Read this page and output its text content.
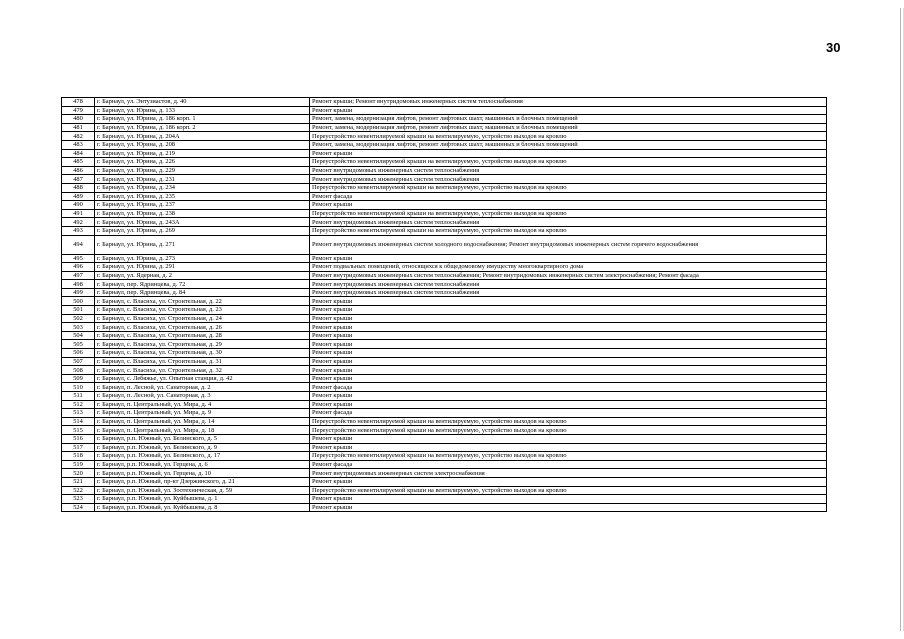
30
478	г. Барнаул, ул. Энтузиастов, д. 40	Ремонт крыши; Ремонт внутридомовых инженерных систем теплоснабжения
479	г. Барнаул, ул. Юрина, д. 133	Ремонт крыши
480	г. Барнаул, ул. Юрина, д. 186 корп. 1	Ремонт, замена, модернизация лифтов, ремонт лифтовых шахт, машинных и блочных помещений
481	г. Барнаул, ул. Юрина, д. 186 корп. 2	Ремонт, замена, модернизация лифтов, ремонт лифтовых шахт, машинных и блочных помещений
482	г. Барнаул, ул. Юрина, д. 204А	Переустройство невентилируемой крыши на вентилируемую, устройство выходов на кровлю
483	г. Барнаул, ул. Юрина, д. 208	Ремонт, замена, модернизация лифтов, ремонт лифтовых шахт, машинных и блочных помещений
484	г. Барнаул, ул. Юрина, д. 219	Ремонт крыши
485	г. Барнаул, ул. Юрина, д. 226	Переустройство невентилируемой крыши на вентилируемую, устройство выходов на кровлю
486	г. Барнаул, ул. Юрина, д. 229	Ремонт внутридомовых инженерных систем теплоснабжения
487	г. Барнаул, ул. Юрина, д. 231	Ремонт внутридомовых инженерных систем теплоснабжения
488	г. Барнаул, ул. Юрина, д. 234	Переустройство невентилируемой крыши на вентилируемую, устройство выходов на кровлю
489	г. Барнаул, ул. Юрина, д. 235	Ремонт фасада
490	г. Барнаул, ул. Юрина, д. 237	Ремонт крыши
491	г. Барнаул, ул. Юрина, д. 238	Переустройство невентилируемой крыши на вентилируемую, устройство выходов на кровлю
492	г. Барнаул, ул. Юрина, д. 243А	Ремонт внутридомовых инженерных систем теплоснабжения
493	г. Барнаул, ул. Юрина, д. 269	Переустройство невентилируемой крыши на вентилируемую, устройство выходов на кровлю
494	г. Барнаул, ул. Юрина, д. 271	Ремонт внутридомовых инженерных систем холодного водоснабжения; Ремонт внутридомовых инженерных систем горячего водоснабжения
495	г. Барнаул, ул. Юрина, д. 273	Ремонт крыши
496	г. Барнаул, ул. Юрина, д. 291	Ремонт подвальных помещений, относящихся к общедомовому имуществу многоквартирного дома
497	г. Барнаул, ул. Ядерная, д. 2	Ремонт внутридомовых инженерных систем теплоснабжения; Ремонт внутридомовых инженерных систем электроснабжения; Ремонт фасада
498	г. Барнаул, пер. Ядринцева, д. 72	Ремонт внутридомовых инженерных систем теплоснабжения
499	г. Барнаул, пер. Ядринцева, д. 84	Ремонт внутридомовых инженерных систем теплоснабжения
500	г. Барнаул, с. Власиха, ул. Строительная, д. 22	Ремонт крыши
501	г. Барнаул, с. Власиха, ул. Строительная, д. 23	Ремонт крыши
502	г. Барнаул, с. Власиха, ул. Строительная, д. 24	Ремонт крыши
503	г. Барнаул, с. Власиха, ул. Строительная, д. 26	Ремонт крыши
504	г. Барнаул, с. Власиха, ул. Строительная, д. 28	Ремонт крыши
505	г. Барнаул, с. Власиха, ул. Строительная, д. 29	Ремонт крыши
506	г. Барнаул, с. Власиха, ул. Строительная, д. 30	Ремонт крыши
507	г. Барнаул, с. Власиха, ул. Строительная, д. 31	Ремонт крыши
508	г. Барнаул, с. Власиха, ул. Строительная, д. 32	Ремонт крыши
509	г. Барнаул, с. Лебяжье, ул. Опытная станция, д. 42	Ремонт крыши
510	г. Барнаул, п. Лесной, ул. Санаторная, д. 2	Ремонт фасада
511	г. Барнаул, п. Лесной, ул. Санаторная, д. 3	Ремонт крыши
512	г. Барнаул, п. Центральный, ул. Мира, д. 4	Ремонт крыши
513	г. Барнаул, п. Центральный, ул. Мира, д. 9	Ремонт фасада
514	г. Барнаул, п. Центральный, ул. Мира, д. 14	Переустройство невентилируемой крыши на вентилируемую, устройство выходов на кровлю
515	г. Барнаул, п. Центральный, ул. Мира, д. 18	Переустройство невентилируемой крыши на вентилируемую, устройство выходов на кровлю
516	г. Барнаул, р.п. Южный, ул. Белинского, д. 5	Ремонт крыши
517	г. Барнаул, р.п. Южный, ул. Белинского, д. 9	Ремонт крыши
518	г. Барнаул, р.п. Южный, ул. Белинского, д. 17	Переустройство невентилируемой крыши на вентилируемую, устройство выходов на кровлю
519	г. Барнаул, р.п. Южный, ул. Герцена, д. 6	Ремонт фасада
520	г. Барнаул, р.п. Южный, ул. Герцена, д. 10	Ремонт внутридомовых инженерных систем электроснабжения
521	г. Барнаул, р.п. Южный, пр-кт Дзержинского, д. 21	Ремонт крыши
522	г. Барнаул, р.п. Южный, ул. Зоотехническая, д. 59	Переустройство невентилируемой крыши на вентилируемую, устройство выходов на кровлю
523	г. Барнаул, р.п. Южный, ул. Куйбышева, д. 1	Ремонт крыши
524	г. Барнаул, р.п. Южный, ул. Куйбышева, д. 8	Ремонт крыши
